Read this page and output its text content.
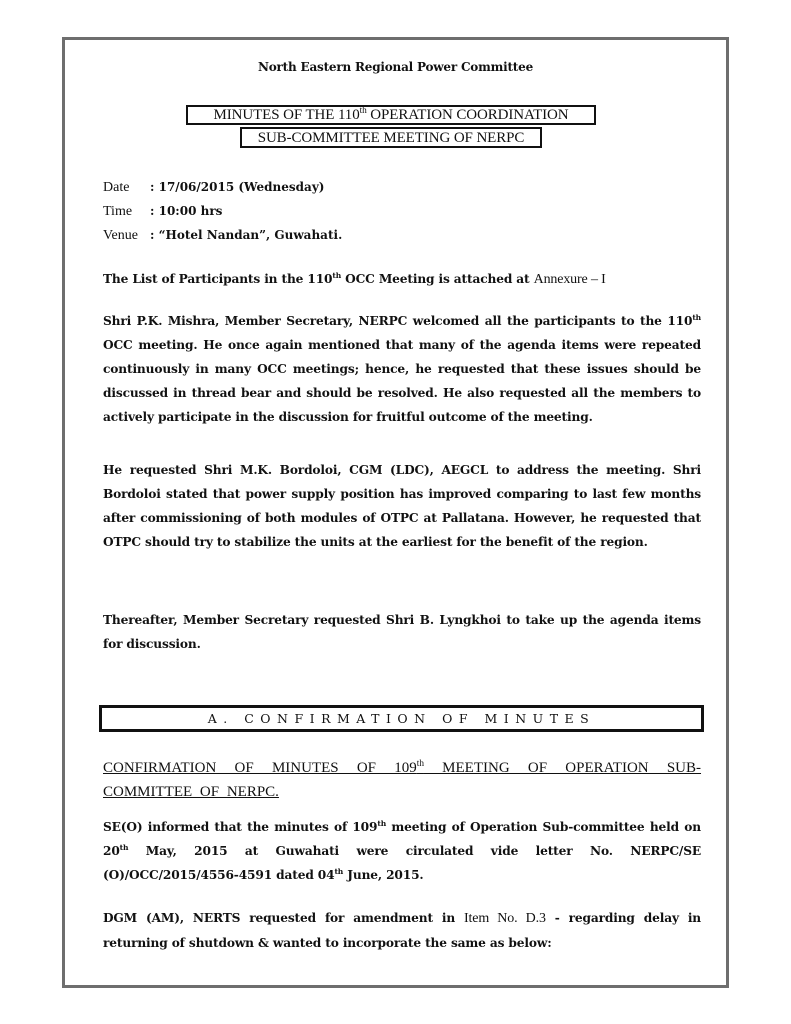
North Eastern Regional Power Committee
MINUTES OF THE 110th OPERATION COORDINATION
SUB-COMMITTEE MEETING OF NERPC
Date : 17/06/2015 (Wednesday)
Time : 10:00 hrs
Venue : “Hotel Nandan”, Guwahati.
The List of Participants in the 110th OCC Meeting is attached at Annexure – I
Shri P.K. Mishra, Member Secretary, NERPC welcomed all the participants to the 110th OCC meeting. He once again mentioned that many of the agenda items were repeated continuously in many OCC meetings; hence, he requested that these issues should be discussed in thread bear and should be resolved. He also requested all the members to actively participate in the discussion for fruitful outcome of the meeting.
He requested Shri M.K. Bordoloi, CGM (LDC), AEGCL to address the meeting. Shri Bordoloi stated that power supply position has improved comparing to last few months after commissioning of both modules of OTPC at Pallatana. However, he requested that OTPC should try to stabilize the units at the earliest for the benefit of the region.
Thereafter, Member Secretary requested Shri B. Lyngkhoi to take up the agenda items for discussion.
A. CONFIRMATION OF MINUTES
CONFIRMATION OF MINUTES OF 109th MEETING OF OPERATION SUB-COMMITTEE OF NERPC.
SE(O) informed that the minutes of 109th meeting of Operation Sub-committee held on 20th May, 2015 at Guwahati were circulated vide letter No. NERPC/SE (O)/OCC/2015/4556-4591 dated 04th June, 2015.
DGM (AM), NERTS requested for amendment in Item No. D.3 - regarding delay in returning of shutdown & wanted to incorporate the same as below:
